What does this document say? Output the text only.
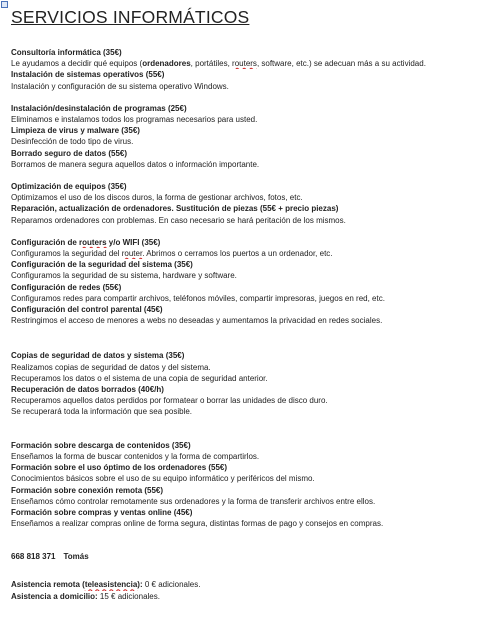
SERVICIOS INFORMÁTICOS
Consultoría informática (35€)
Le ayudamos a decidir qué equipos (ordenadores, portátiles, routers, software, etc.) se adecuan más a su actividad.
Instalación de sistemas operativos (55€)
Instalación y configuración de su sistema operativo Windows.
Instalación/desinstalación de programas (25€)
Eliminamos e instalamos todos los programas necesarios para usted.
Limpieza de virus y malware (35€)
Desinfección de todo tipo de virus.
Borrado seguro de datos (55€)
Borramos de manera segura aquellos datos o información importante.
Optimización de equipos (35€)
Optimizamos el uso de los discos duros, la forma de gestionar archivos, fotos, etc.
Reparación, actualización de ordenadores. Sustitución de piezas (55€ + precio piezas)
Reparamos ordenadores con problemas. En caso necesario se hará peritación de los mismos.
Configuración de routers y/o WIFI (35€)
Configuramos la seguridad del router. Abrimos o cerramos los puertos a un ordenador, etc.
Configuración de la seguridad del sistema (35€)
Configuramos la seguridad de su sistema, hardware y software.
Configuración de redes (55€)
Configuramos redes para compartir archivos, teléfonos móviles, compartir impresoras, juegos en red, etc.
Configuración del control parental (45€)
Restringimos el acceso de menores a webs no deseadas y aumentamos la privacidad en redes sociales.
Copias de seguridad de datos y sistema (35€)
Realizamos copias de seguridad de datos y del sistema.
Recuperamos los datos o el sistema de una copia de seguridad anterior.
Recuperación de datos borrados (40€/h)
Recuperamos aquellos datos perdidos por formatear o borrar las unidades de disco duro.
Se recuperará toda la información que sea posible.
Formación sobre descarga de contenidos (35€)
Enseñamos la forma de buscar contenidos y la forma de compartirlos.
Formación sobre el uso óptimo de los ordenadores (55€)
Conocimientos básicos sobre el uso de su equipo informático y periféricos del mismo.
Formación sobre conexión remota (55€)
Enseñamos cómo controlar remotamente sus ordenadores y la forma de transferir archivos entre ellos.
Formación sobre compras y ventas online (45€)
Enseñamos a realizar compras online de forma segura, distintas formas de pago y consejos en compras.
668 818 371 Tomás
Asistencia remota (teleasistencia): 0 € adicionales.
Asistencia a domicilio: 15 € adicionales.
